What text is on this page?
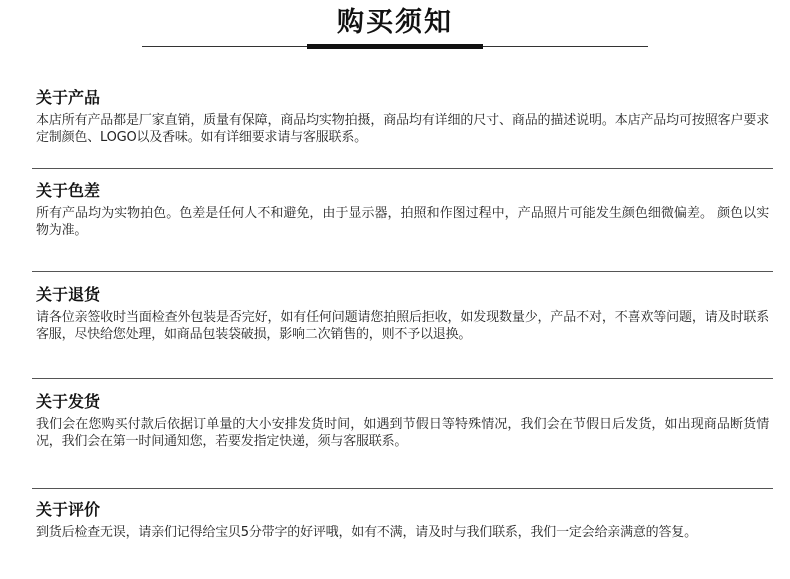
购买须知
关于产品
本店所有产品都是厂家直销，质量有保障，商品均实物拍摄，商品均有详细的尺寸、商品的描述说明。本店产品均可按照客户要求定制颜色、LOGO以及香味。如有详细要求请与客服联系。
关于色差
所有产品均为实物拍色。色差是任何人不和避免，由于显示器，拍照和作图过程中，产品照片可能发生颜色细微偏差。 颜色以实物为准。
关于退货
请各位亲签收时当面检查外包装是否完好，如有任何问题请您拍照后拒收，如发现数量少，产品不对，不喜欢等问题，请及时联系客服，尽快给您处理，如商品包装袋破损，影响二次销售的，则不予以退换。
关于发货
我们会在您购买付款后依据订单量的大小安排发货时间，如遇到节假日等特殊情况，我们会在节假日后发货，如出现商品断货情况，我们会在第一时间通知您，若要发指定快递，须与客服联系。
关于评价
到货后检查无误，请亲们记得给宝贝5分带字的好评哦，如有不满，请及时与我们联系，我们一定会给亲满意的答复。
